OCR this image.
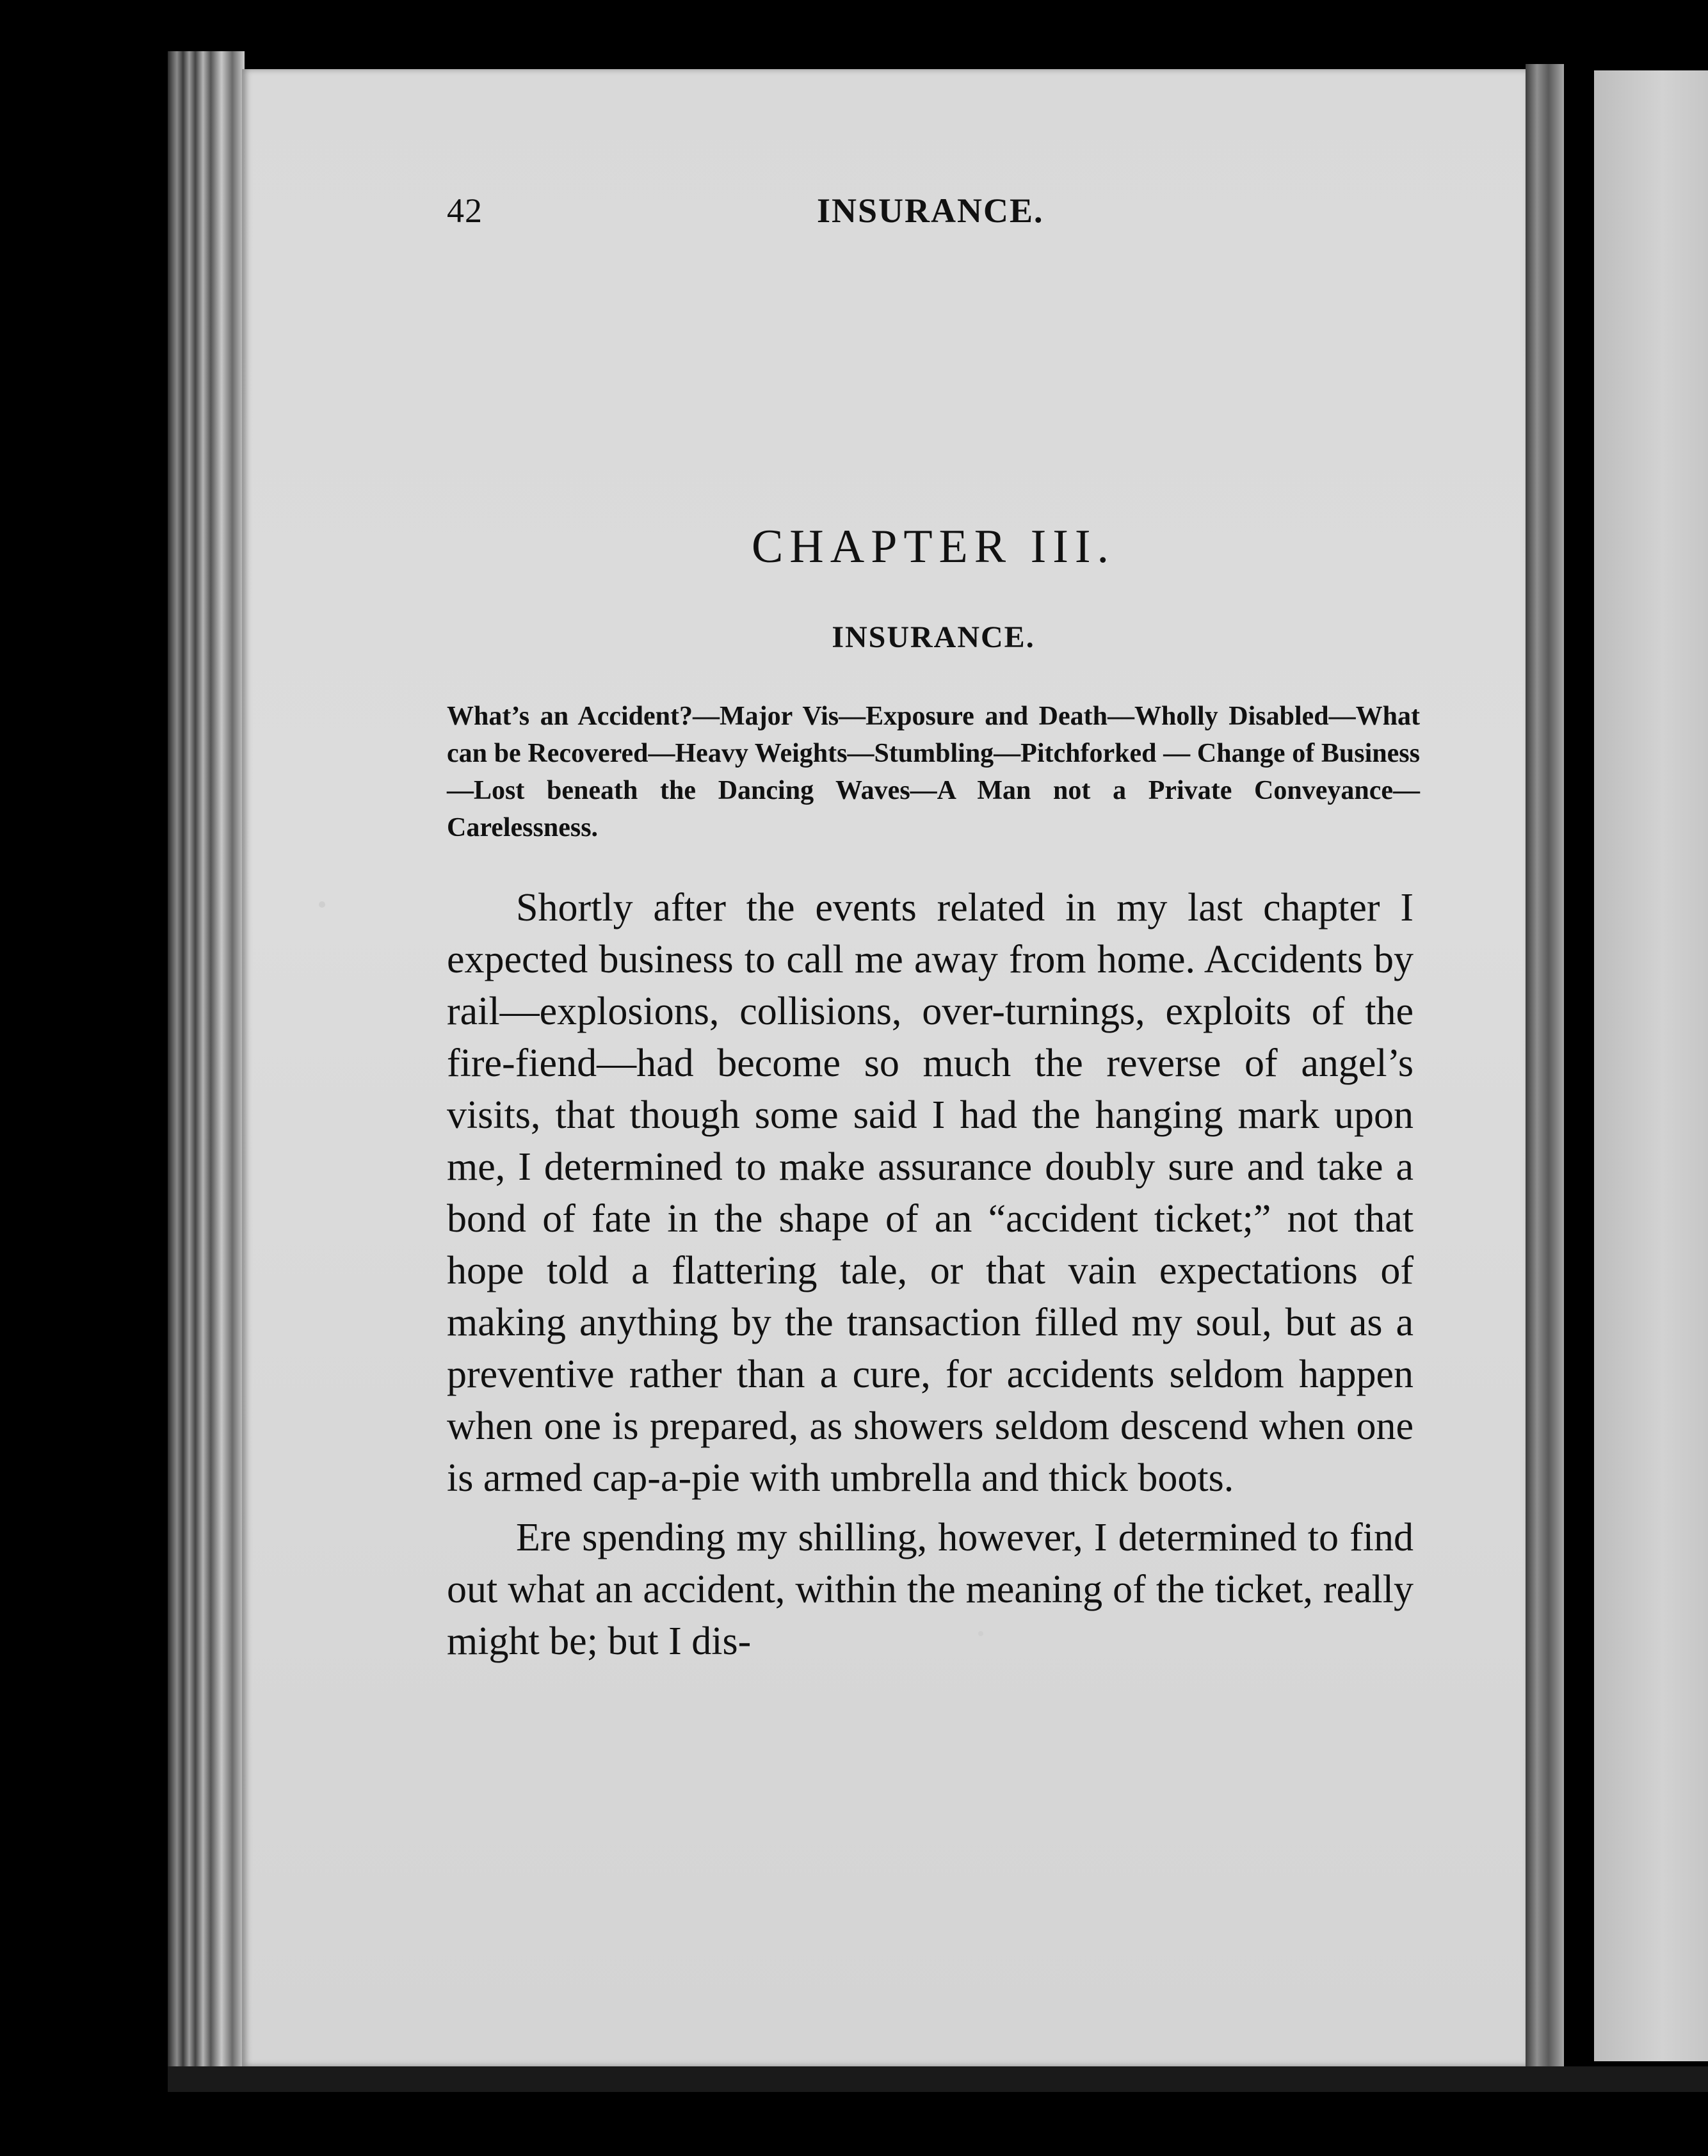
42	INSURANCE.
CHAPTER III.
INSURANCE.
What’s an Accident?—Major Vis—Exposure and Death—Wholly Disabled—What can be Recovered—Heavy Weights—Stumbling—Pitchforked — Change of Business—Lost beneath the Dancing Waves—A Man not a Private Conveyance—Carelessness.

Shortly after the events related in my last chapter I expected business to call me away from home. Accidents by rail—explosions, collisions, over-turnings, exploits of the fire-fiend—had become so much the reverse of angel’s visits, that though some said I had the hanging mark upon me, I determined to make assurance doubly sure and take a bond of fate in the shape of an “accident ticket;” not that hope told a flattering tale, or that vain expectations of making anything by the transaction filled my soul, but as a preventive rather than a cure, for accidents seldom happen when one is prepared, as showers seldom descend when one is armed cap-a-pie with umbrella and thick boots.

Ere spending my shilling, however, I determined to find out what an accident, within the meaning of the ticket, really might be; but I dis-
